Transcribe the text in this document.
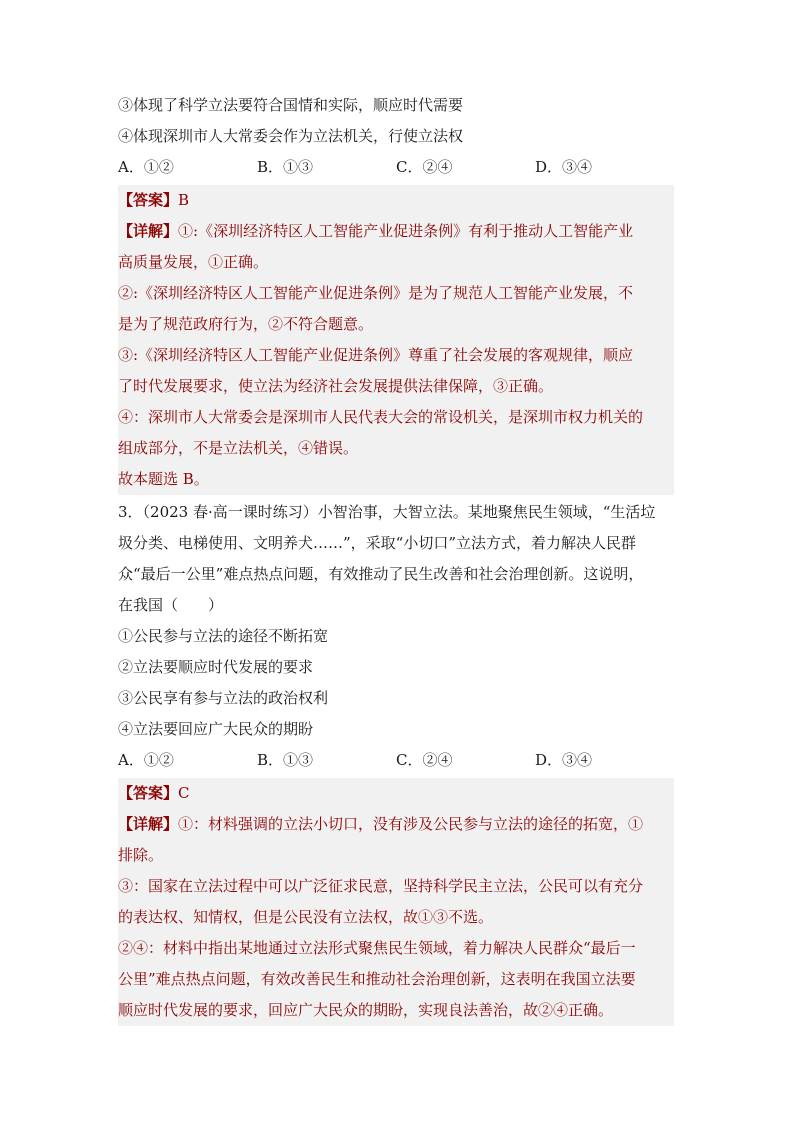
③体现了科学立法要符合国情和实际，顺应时代需要
④体现深圳市人大常委会作为立法机关，行使立法权
A．①②	B．①③	C．②④	D．③④
【答案】B
【详解】①:《深圳经济特区人工智能产业促进条例》有利于推动人工智能产业
高质量发展，①正确。
②:《深圳经济特区人工智能产业促进条例》是为了规范人工智能产业发展，不
是为了规范政府行为，②不符合题意。
③:《深圳经济特区人工智能产业促进条例》尊重了社会发展的客观规律，顺应
了时代发展要求，使立法为经济社会发展提供法律保障，③正确。
④：深圳市人大常委会是深圳市人民代表大会的常设机关，是深圳市权力机关的
组成部分，不是立法机关，④错误。
故本题选 B。
3．（2023 春·高一课时练习）小智治事，大智立法。某地聚焦民生领域，“生活垃
圾分类、电梯使用、文明养犬……”，采取“小切口”立法方式，着力解决人民群
众“最后一公里”难点热点问题，有效推动了民生改善和社会治理创新。这说明，
在我国（　　）
①公民参与立法的途径不断拓宽
②立法要顺应时代发展的要求
③公民享有参与立法的政治权利
④立法要回应广大民众的期盼
A．①②	B．①③	C．②④	D．③④
【答案】C
【详解】①：材料强调的立法小切口，没有涉及公民参与立法的途径的拓宽，①
排除。
③：国家在立法过程中可以广泛征求民意，坚持科学民主立法，公民可以有充分
的表达权、知情权，但是公民没有立法权，故①③不选。
②④：材料中指出某地通过立法形式聚焦民生领域，着力解决人民群众“最后一
公里”难点热点问题，有效改善民生和推动社会治理创新，这表明在我国立法要
顺应时代发展的要求，回应广大民众的期盼，实现良法善治，故②④正确。
